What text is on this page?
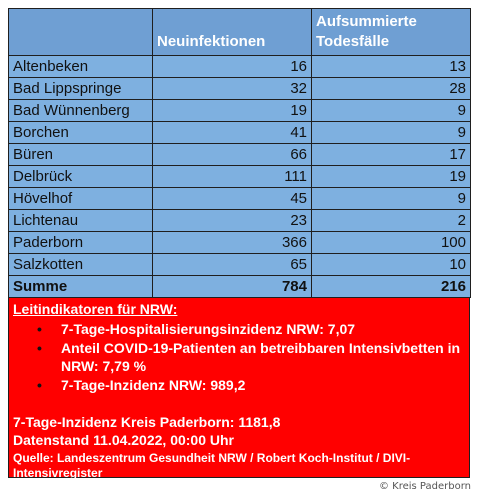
	Neuinfektionen	Aufsummierte Todesfälle
Altenbeken	16	13
Bad Lippspringe	32	28
Bad Wünnenberg	19	9
Borchen	41	9
Büren	66	17
Delbrück	111	19
Hövelhof	45	9
Lichtenau	23	2
Paderborn	366	100
Salzkotten	65	10
Summe	784	216
Leitindikatoren für NRW:
• 7-Tage-Hospitalisierungsinzidenz NRW: 7,07
• Anteil COVID-19-Patienten an betreibbaren Intensivbetten in NRW: 7,79 %
• 7-Tage-Inzidenz NRW: 989,2
7-Tage-Inzidenz Kreis Paderborn: 1181,8
Datenstand 11.04.2022, 00:00 Uhr
Quelle: Landeszentrum Gesundheit NRW / Robert Koch-Institut / DIVI-Intensivregister
© Kreis Paderborn
